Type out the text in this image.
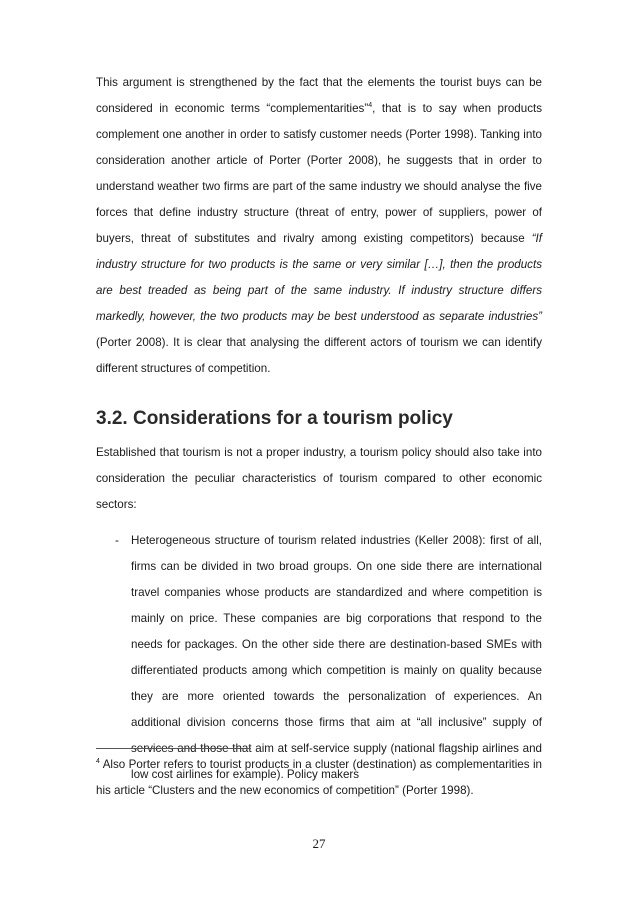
This argument is strengthened by the fact that the elements the tourist buys can be considered in economic terms “complementarities”$^4$, that is to say when products complement one another in order to satisfy customer needs (Porter 1998). Tanking into consideration another article of Porter (Porter 2008), he suggests that in order to understand weather two firms are part of the same industry we should analyse the five forces that define industry structure (threat of entry, power of suppliers, power of buyers, threat of substitutes and rivalry among existing competitors) because “If industry structure for two products is the same or very similar […], then the products are best treaded as being part of the same industry. If industry structure differs markedly, however, the two products may be best understood as separate industries” (Porter 2008). It is clear that analysing the different actors of tourism we can identify different structures of competition.

3.2. Considerations for a tourism policy

Established that tourism is not a proper industry, a tourism policy should also take into consideration the peculiar characteristics of tourism compared to other economic sectors:

- Heterogeneous structure of tourism related industries (Keller 2008): first of all, firms can be divided in two broad groups. On one side there are international travel companies whose products are standardized and where competition is mainly on price. These companies are big corporations that respond to the needs for packages. On the other side there are destination-based SMEs with differentiated products among which competition is mainly on quality because they are more oriented towards the personalization of experiences. An additional division concerns those firms that aim at “all inclusive” supply of services and those that aim at self-service supply (national flagship airlines and low cost airlines for example). Policy makers
$^4$ Also Porter refers to tourist products in a cluster (destination) as complementarities in his article “Clusters and the new economics of competition” (Porter 1998).
27
